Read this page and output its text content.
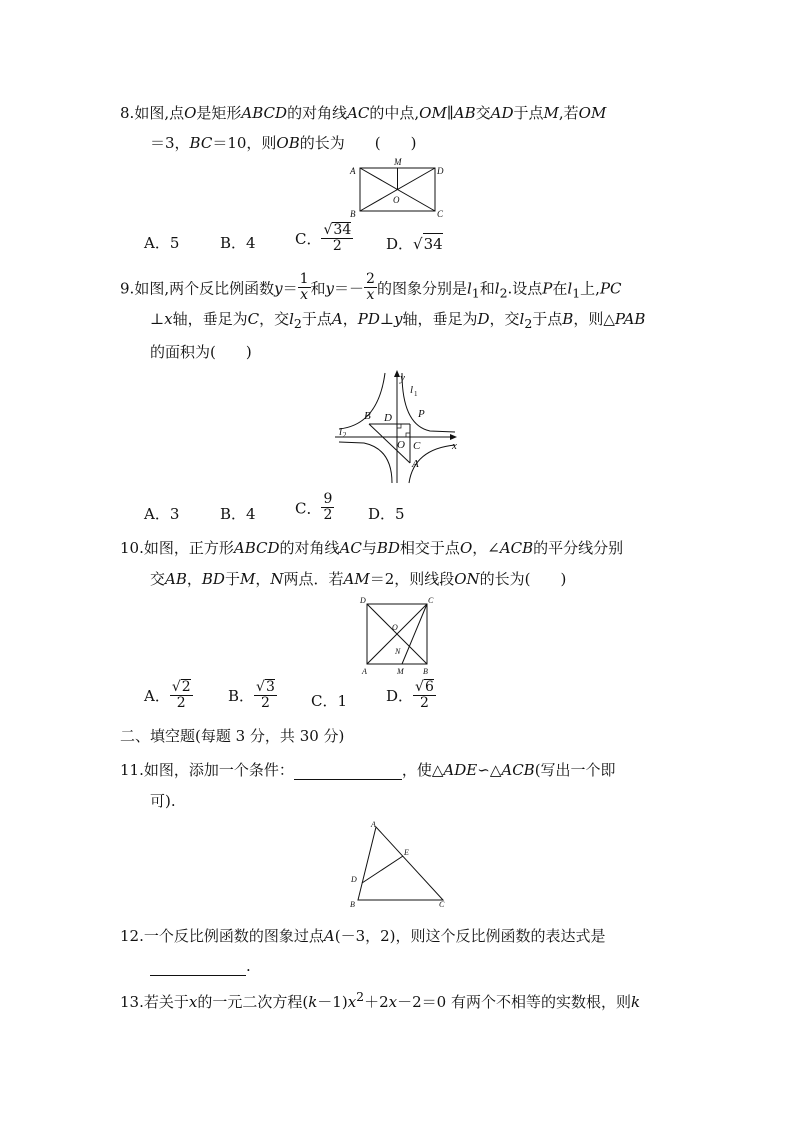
8.如图,点O是矩形ABCD的对角线AC的中点,OM∥AB交AD于点M,若OM
＝3，BC＝10，则OB的长为 (　　)
A
B	C
D
M
O
A．5	B．4	C． $\frac{√34}{2}$ D．√34
9.如图,两个反比例函数$y= \frac{1}{x}$ 和$y=- \frac{2}{x}$ 的图象分别是$l_1$和$l_2$.设点P在$l_1$上,PC
⊥x轴，垂足为C，交$l_2$于点A，PD⊥y轴，垂足为D，交$l_2$于点B，则△PAB
的面积为(　　)
y
x
l 1
l 2
B D P
O C
A
A．3	B．4	C． $\frac{9}{2}$ D．5
10.如图，正方形ABCD的对角线AC与BD相交于点O，∠ACB的平分线分别
交AB，BD于M，N两点．若AM＝2，则线段ON的长为(　　)
D	C
A	M B
O
N
A． $\frac{√2}{2}$ B． $\frac{√3}{2}$ C．1	D． $\frac{√6}{2}$
二、填空题(每题 3 分，共 30 分)
11.如图，添加一个条件：	，使△ADE∽△ACB(写出一个即
可).
A
B	C
D
E
12.一个反比例函数的图象过点A(－3，2)，则这个反比例函数的表达式是
.
13.若关于x的一元二次方程$(k-1)x^2+2x-2=0$ 有两个不相等的实数根，则k
